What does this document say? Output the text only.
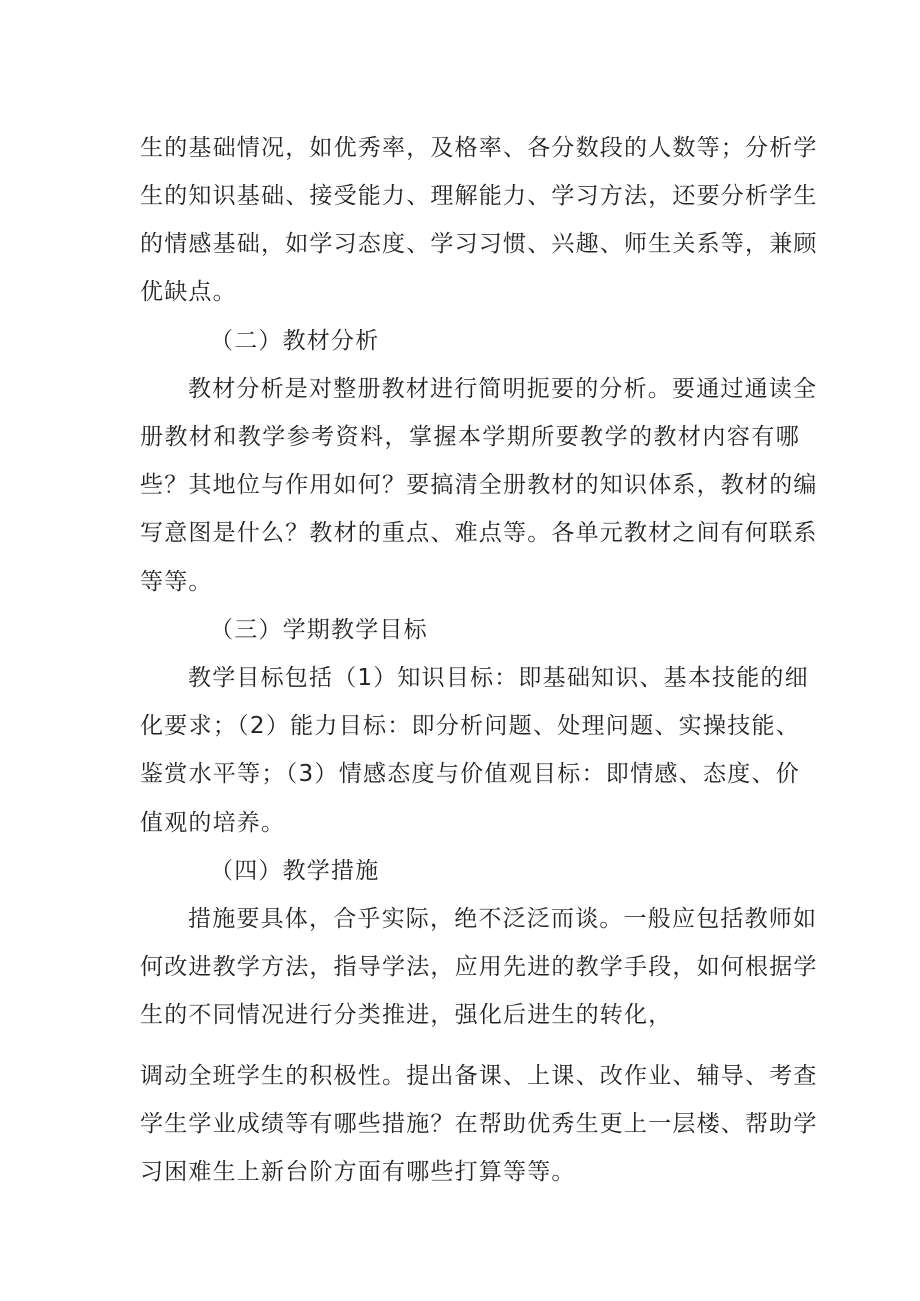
生的基础情况，如优秀率，及格率、各分数段的人数等；分析学
生的知识基础、接受能力、理解能力、学习方法，还要分析学生
的情感基础，如学习态度、学习习惯、兴趣、师生关系等，兼顾
优缺点。
（二）教材分析
教材分析是对整册教材进行简明扼要的分析。要通过通读全
册教材和教学参考资料，掌握本学期所要教学的教材内容有哪
些？其地位与作用如何？要搞清全册教材的知识体系，教材的编
写意图是什么？教材的重点、难点等。各单元教材之间有何联系
等等。
（三）学期教学目标
教学目标包括（1）知识目标：即基础知识、基本技能的细
化要求；（2）能力目标：即分析问题、处理问题、实操技能、
鉴赏水平等；（3）情感态度与价值观目标：即情感、态度、价
值观的培养。
（四）教学措施
措施要具体，合乎实际，绝不泛泛而谈。一般应包括教师如
何改进教学方法，指导学法，应用先进的教学手段，如何根据学
生的不同情况进行分类推进，强化后进生的转化，
调动全班学生的积极性。提出备课、上课、改作业、辅导、考查
学生学业成绩等有哪些措施？在帮助优秀生更上一层楼、帮助学
习困难生上新台阶方面有哪些打算等等。
